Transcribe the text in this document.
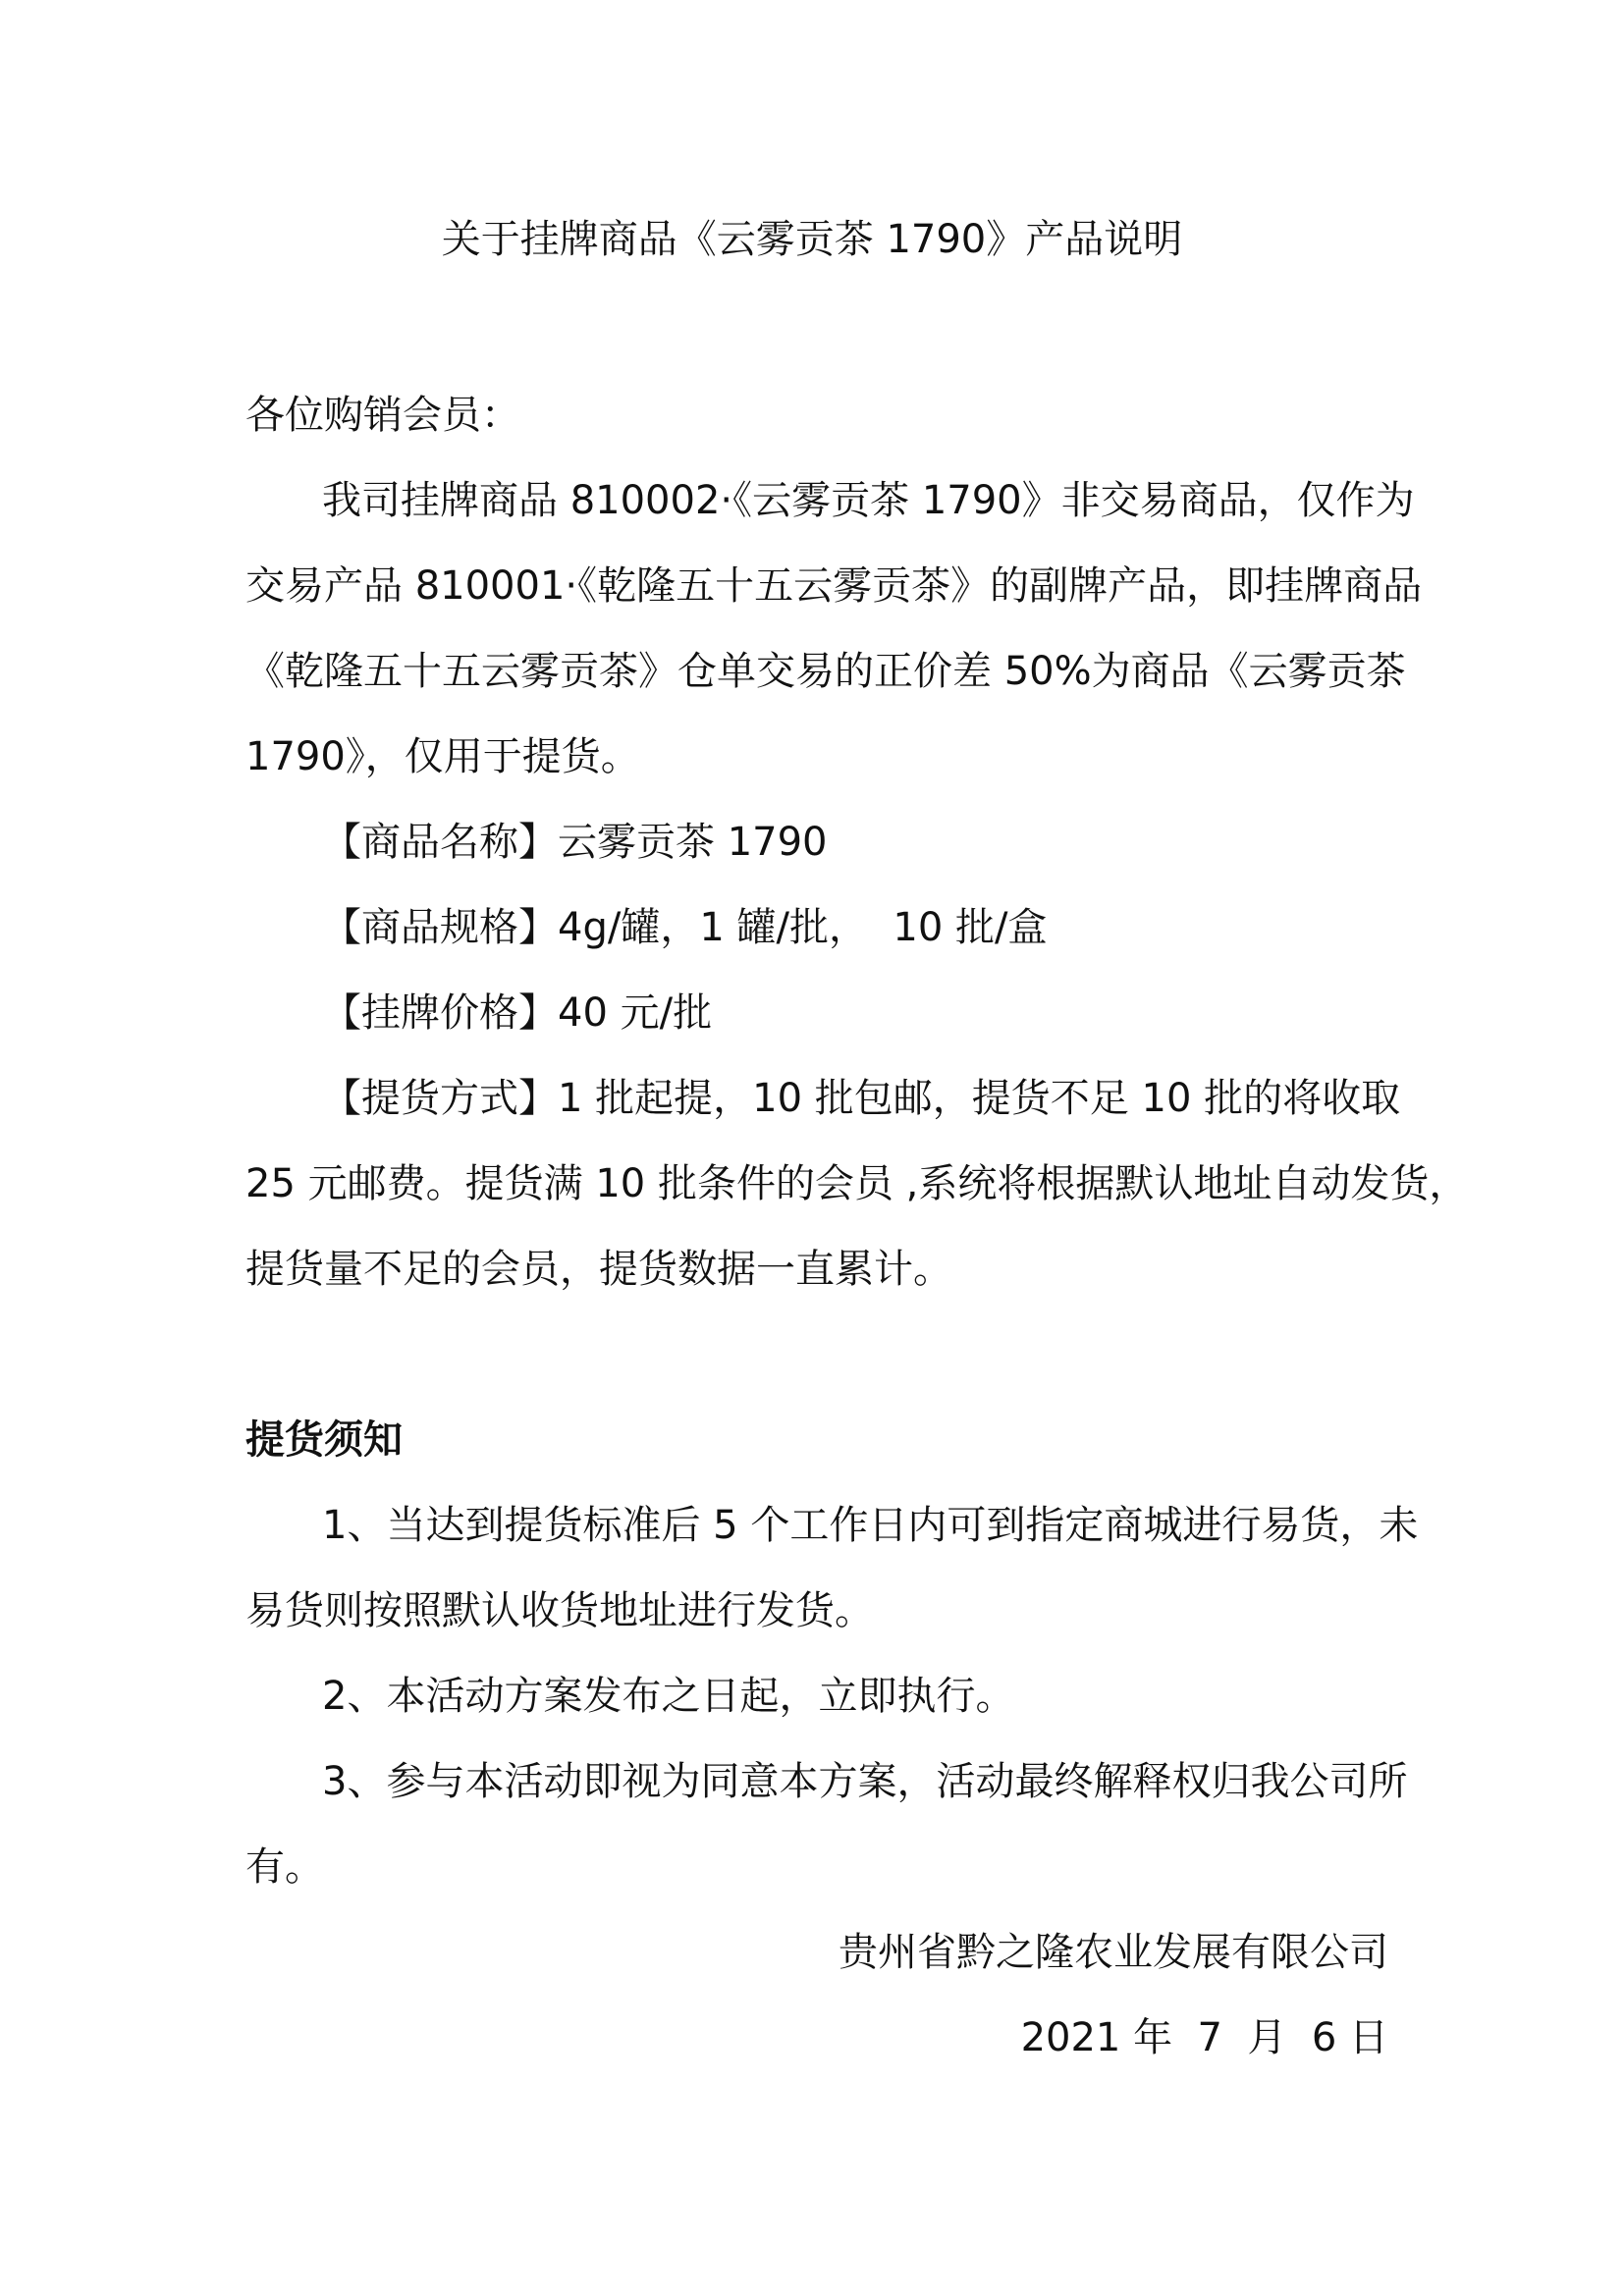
关于挂牌商品《云雾贡茶 1790》产品说明

各位购销会员：

我司挂牌商品 810002·《云雾贡茶 1790》非交易商品，仅作为

交易产品 810001·《乾隆五十五云雾贡茶》的副牌产品，即挂牌商品

《乾隆五十五云雾贡茶》仓单交易的正价差 50%为商品《云雾贡茶

1790》，仅用于提货。

【商品名称】云雾贡茶 1790

【商品规格】4g/罐，1 罐/批，  10 批/盒

【挂牌价格】40 元/批

【提货方式】1 批起提，10 批包邮，提货不足 10 批的将收取

25 元邮费。提货满 10 批条件的会员 ,系统将根据默认地址自动发货，

提货量不足的会员，提货数据一直累计。

提货须知

1、当达到提货标准后 5 个工作日内可到指定商城进行易货，未

易货则按照默认收货地址进行发货。

2、本活动方案发布之日起，立即执行。

3、参与本活动即视为同意本方案，活动最终解释权归我公司所

有。

贵州省黔之隆农业发展有限公司

2021 年  7  月  6 日
